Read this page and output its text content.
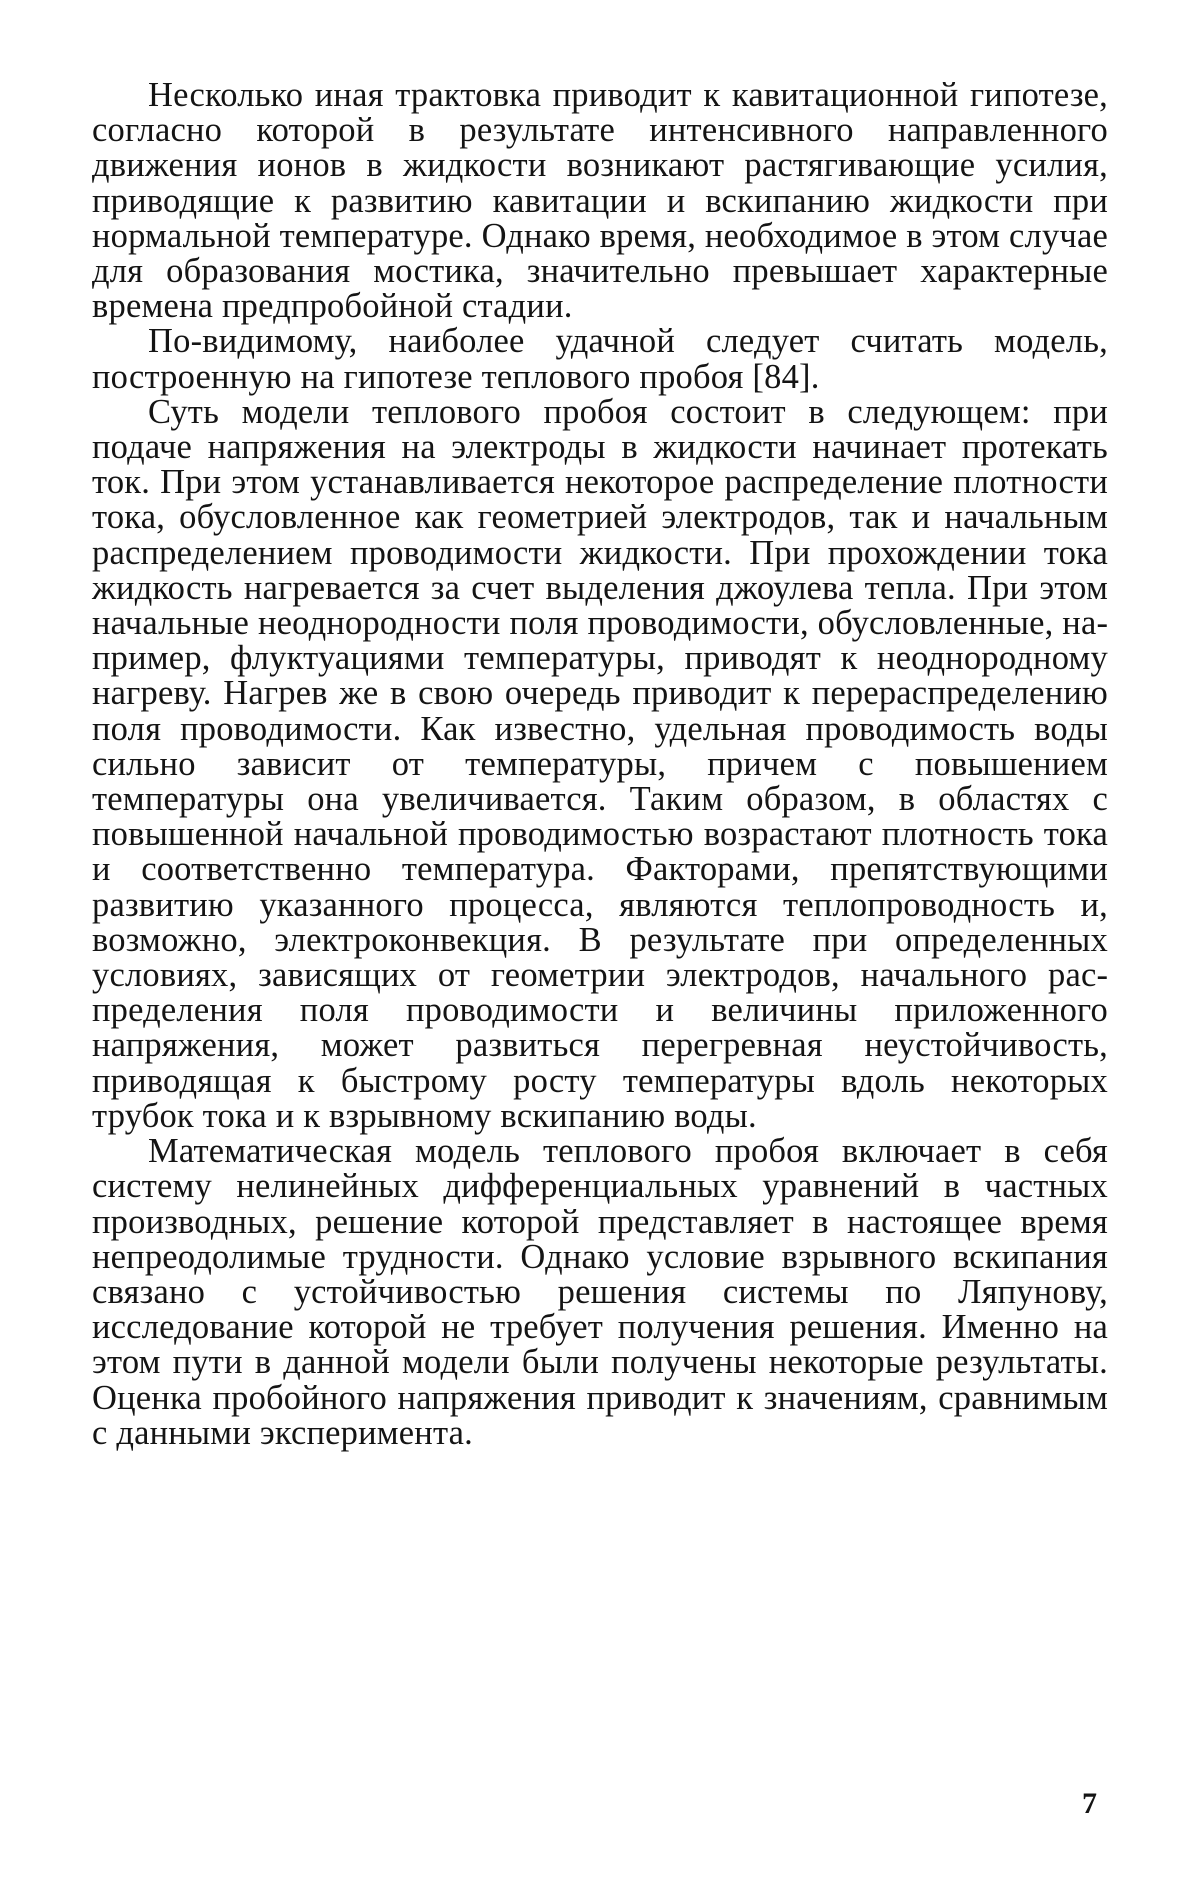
Несколько иная трактовка приводит к кавитационной гипотезе, согласно которой в результате интенсивного направленного движения ионов в жидкости возникают растягивающие усилия, приводящие к развитию кавитации и вскипанию жидкости при нормальной температуре. Однако время, необходимое в этом случае для образования мостика, значительно превышает характерные времена предпробойной стадии.

По-видимому, наиболее удачной следует считать модель, построенную на гипотезе теплового пробоя [84].

Суть модели теплового пробоя состоит в следующем: при подаче напряжения на электроды в жидкости начинает протекать ток. При этом устанавливается некоторое распределение плотности тока, обусловленное как геометрией электродов, так и начальным распределением проводимости жидкости. При прохождении тока жидкость нагревается за счет выделения джоулева тепла. При этом начальные неоднородности поля проводимости, обусловленные, например, флуктуациями температуры, приводят к неоднородному нагреву. Нагрев же в свою очередь приводит к перераспределению поля проводимости. Как известно, удельная проводимость воды сильно зависит от температуры, причем с повышением температуры она увеличивается. Таким образом, в областях с повышенной начальной проводимостью возрастают плотность тока и соответственно температура. Факторами, препятствующими развитию указанного процесса, являются теплопроводность и, возможно, электроконвекция. В результате при определенных условиях, зависящих от геометрии электродов, начального распределения поля проводимости и величины приложенного напряжения, может развиться перегревная неустойчивость, приводящая к быстрому росту температуры вдоль некоторых трубок тока и к взрывному вскипанию воды.

Математическая модель теплового пробоя включает в себя систему нелинейных дифференциальных уравнений в частных производных, решение которой представляет в настоящее время непреодолимые трудности. Однако условие взрывного вскипания связано с устойчивостью решения системы по Ляпунову, исследование которой не требует получения решения. Именно на этом пути в данной модели были получены некоторые результаты. Оценка пробойного напряжения приводит к значениям, сравнимым с данными эксперимента.

7
